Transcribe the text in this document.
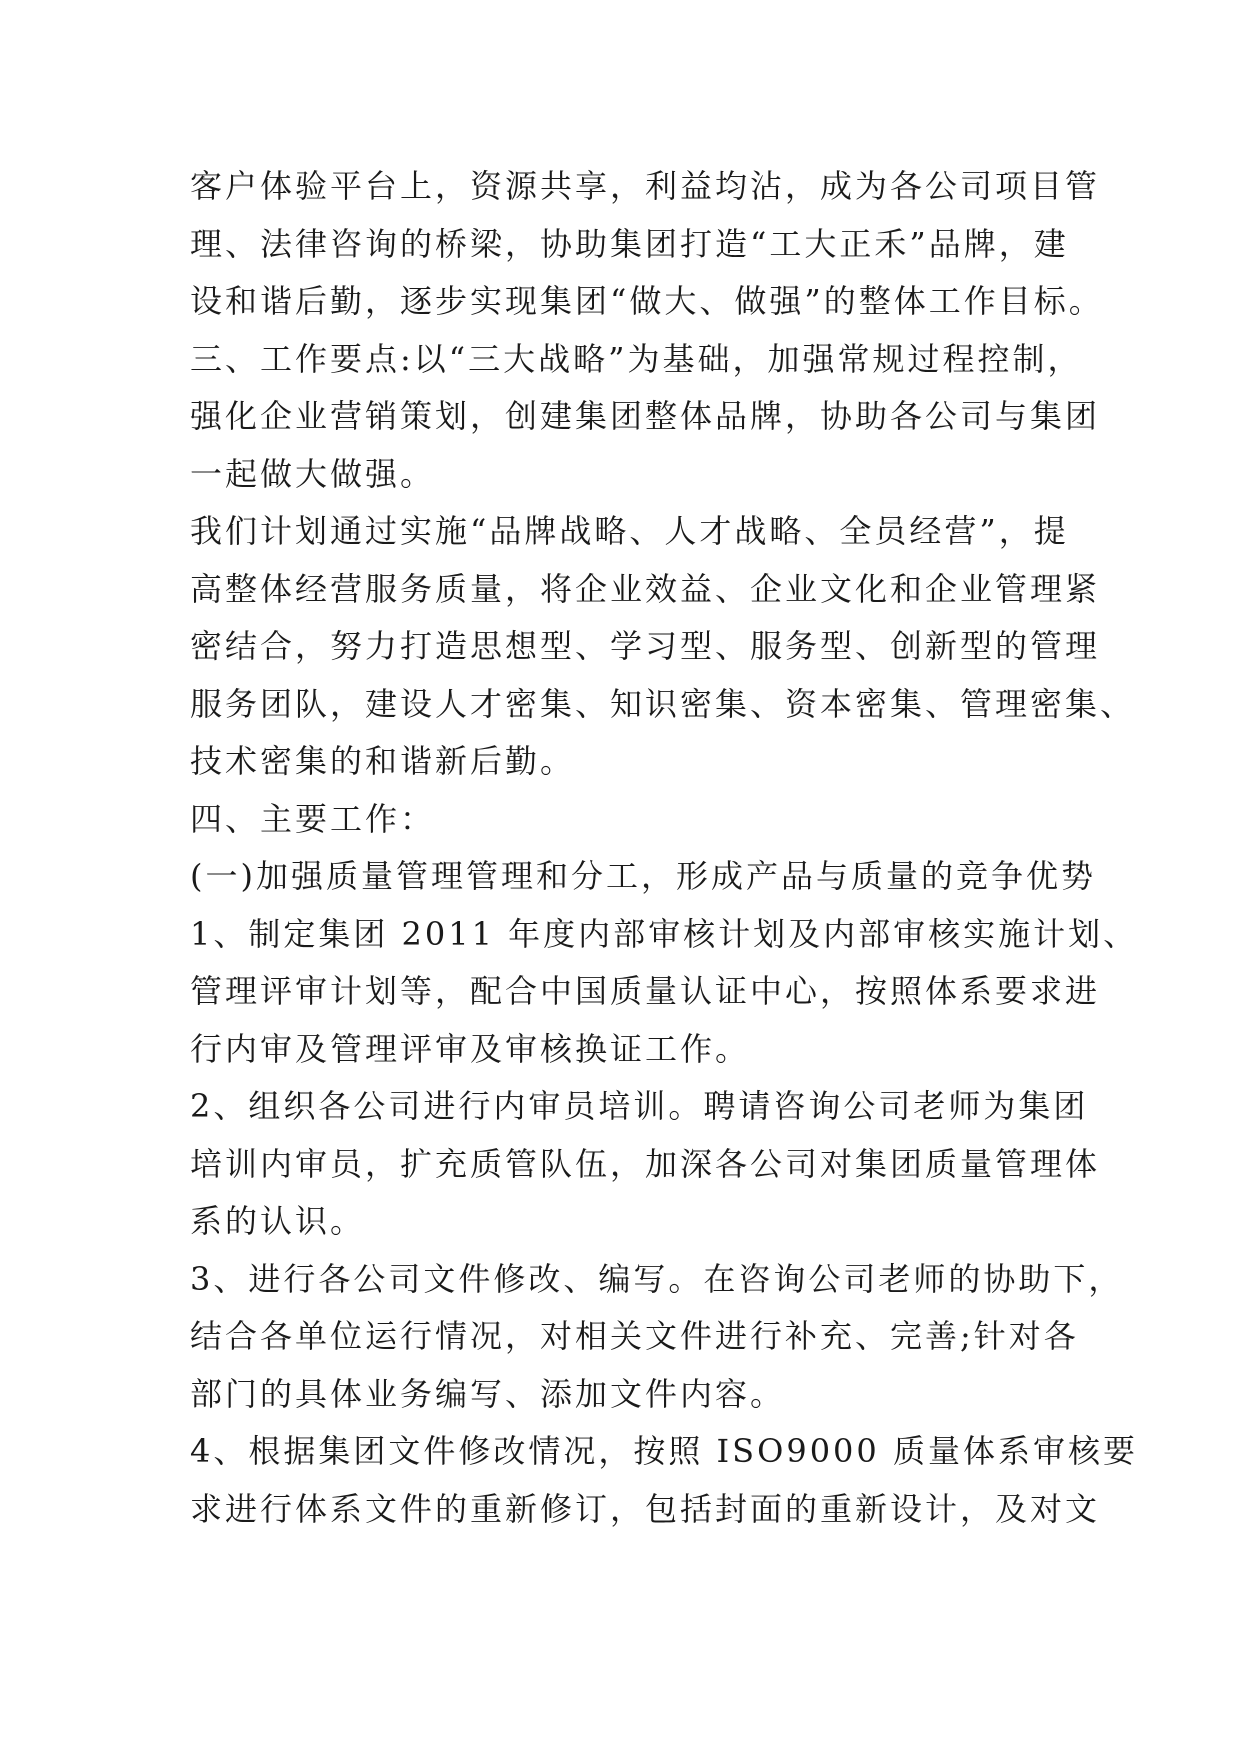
客户体验平台上，资源共享，利益均沾，成为各公司项目管
理、法律咨询的桥梁，协助集团打造“工大正禾”品牌，建
设和谐后勤，逐步实现集团“做大、做强”的整体工作目标。
三、工作要点:以“三大战略”为基础，加强常规过程控制，
强化企业营销策划，创建集团整体品牌，协助各公司与集团
一起做大做强。
我们计划通过实施“品牌战略、人才战略、全员经营”，提
高整体经营服务质量，将企业效益、企业文化和企业管理紧
密结合，努力打造思想型、学习型、服务型、创新型的管理
服务团队，建设人才密集、知识密集、资本密集、管理密集、
技术密集的和谐新后勤。
四、主要工作：
(一)加强质量管理管理和分工，形成产品与质量的竞争优势
1、制定集团 2011 年度内部审核计划及内部审核实施计划、
管理评审计划等，配合中国质量认证中心，按照体系要求进
行内审及管理评审及审核换证工作。
2、组织各公司进行内审员培训。聘请咨询公司老师为集团
培训内审员，扩充质管队伍，加深各公司对集团质量管理体
系的认识。
3、进行各公司文件修改、编写。在咨询公司老师的协助下，
结合各单位运行情况，对相关文件进行补充、完善;针对各
部门的具体业务编写、添加文件内容。
4、根据集团文件修改情况，按照 ISO9000 质量体系审核要
求进行体系文件的重新修订，包括封面的重新设计，及对文
